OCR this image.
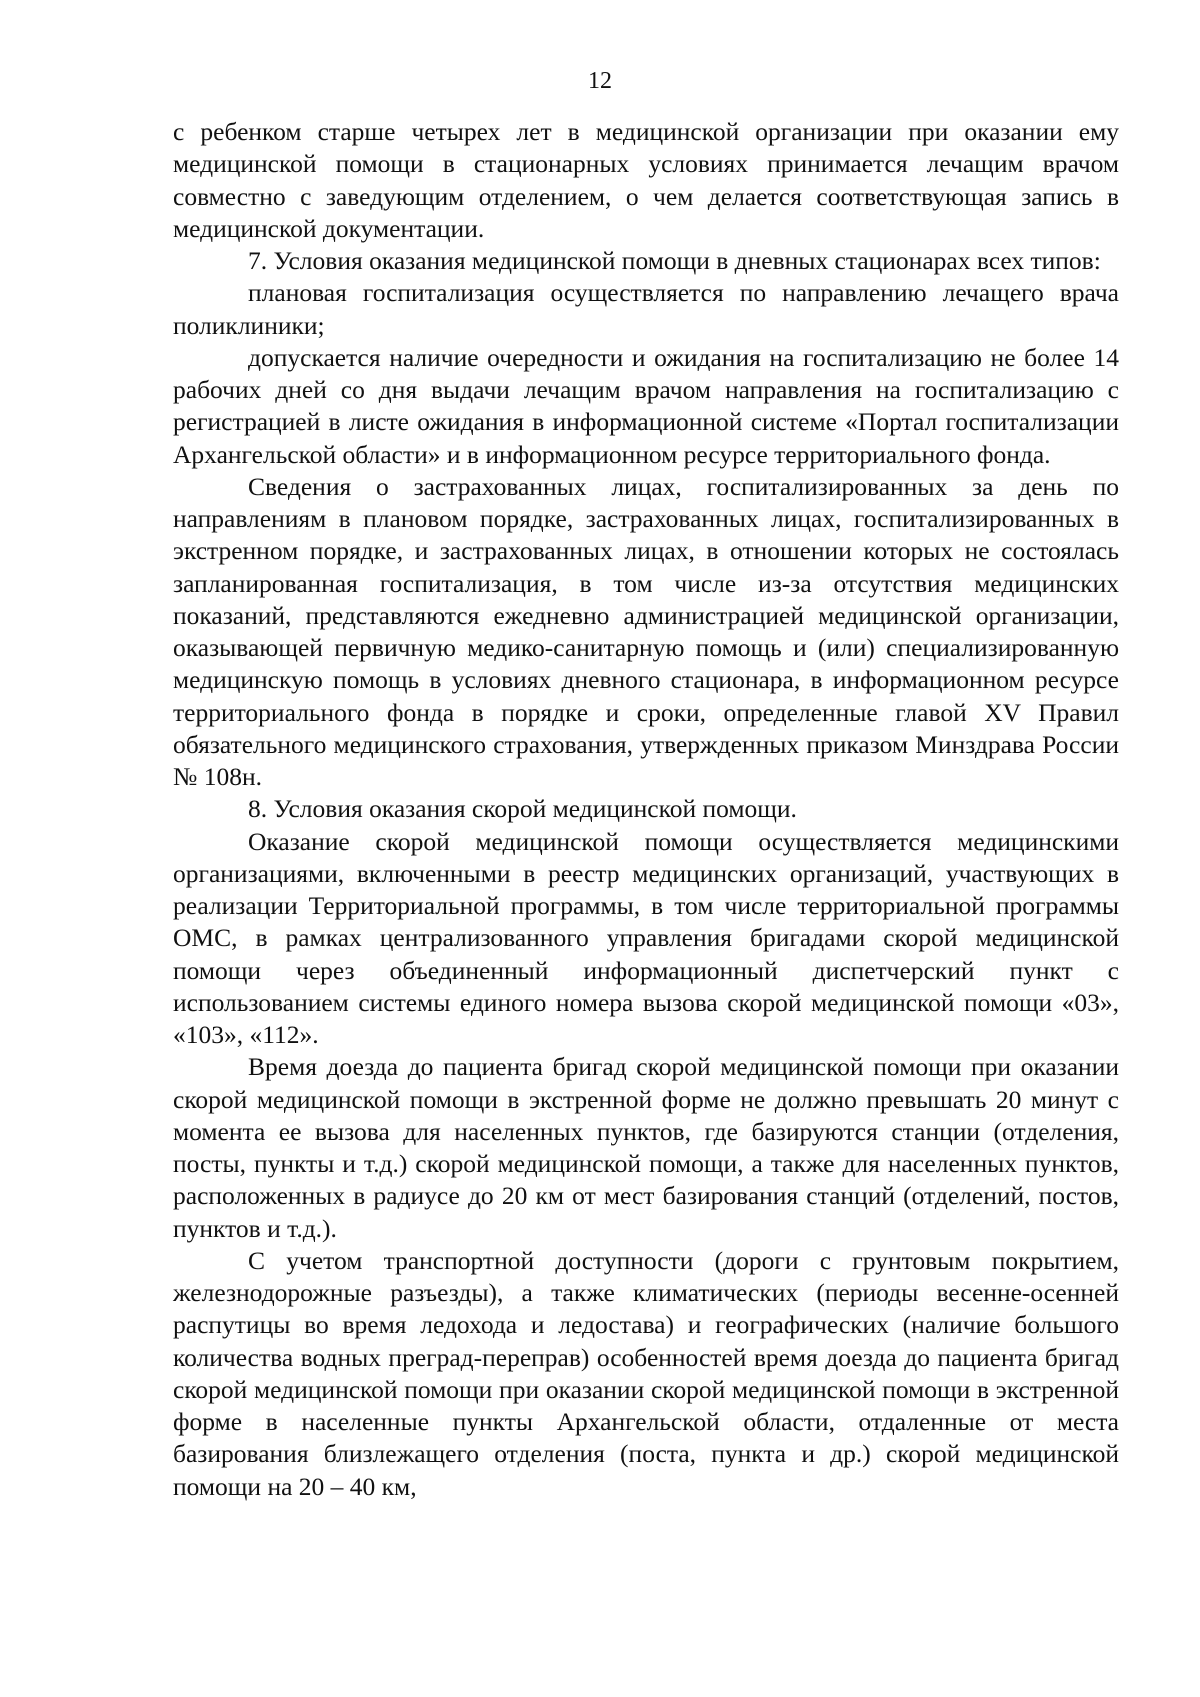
12

с ребенком старше четырех лет в медицинской организации при оказании ему медицинской помощи в стационарных условиях принимается лечащим врачом совместно с заведующим отделением, о чем делается соответствующая запись в медицинской документации.

7. Условия оказания медицинской помощи в дневных стационарах всех типов:

плановая госпитализация осуществляется по направлению лечащего врача поликлиники;

допускается наличие очередности и ожидания на госпитализацию не более 14 рабочих дней со дня выдачи лечащим врачом направления на госпитализацию с регистрацией в листе ожидания в информационной системе «Портал госпитализации Архангельской области» и в информационном ресурсе территориального фонда.

Сведения о застрахованных лицах, госпитализированных за день по направлениям в плановом порядке, застрахованных лицах, госпитализированных в экстренном порядке, и застрахованных лицах, в отношении которых не состоялась запланированная госпитализация, в том числе из-за отсутствия медицинских показаний, представляются ежедневно администрацией медицинской организации, оказывающей первичную медико-санитарную помощь и (или) специализированную медицинскую помощь в условиях дневного стационара, в информационном ресурсе территориального фонда в порядке и сроки, определенные главой XV Правил обязательного медицинского страхования, утвержденных приказом Минздрава России № 108н.

8. Условия оказания скорой медицинской помощи.

Оказание скорой медицинской помощи осуществляется медицинскими организациями, включенными в реестр медицинских организаций, участвующих в реализации Территориальной программы, в том числе территориальной программы ОМС, в рамках централизованного управления бригадами скорой медицинской помощи через объединенный информационный диспетчерский пункт с использованием системы единого номера вызова скорой медицинской помощи «03», «103», «112».

Время доезда до пациента бригад скорой медицинской помощи при оказании скорой медицинской помощи в экстренной форме не должно превышать 20 минут с момента ее вызова для населенных пунктов, где базируются станции (отделения, посты, пункты и т.д.) скорой медицинской помощи, а также для населенных пунктов, расположенных в радиусе до 20 км от мест базирования станций (отделений, постов, пунктов и т.д.).

С учетом транспортной доступности (дороги с грунтовым покрытием, железнодорожные разъезды), а также климатических (периоды весенне-осенней распутицы во время ледохода и ледостава) и географических (наличие большого количества водных преград-переправ) особенностей время доезда до пациента бригад скорой медицинской помощи при оказании скорой медицинской помощи в экстренной форме в населенные пункты Архангельской области, отдаленные от места базирования близлежащего отделения (поста, пункта и др.) скорой медицинской помощи на 20 – 40 км,
